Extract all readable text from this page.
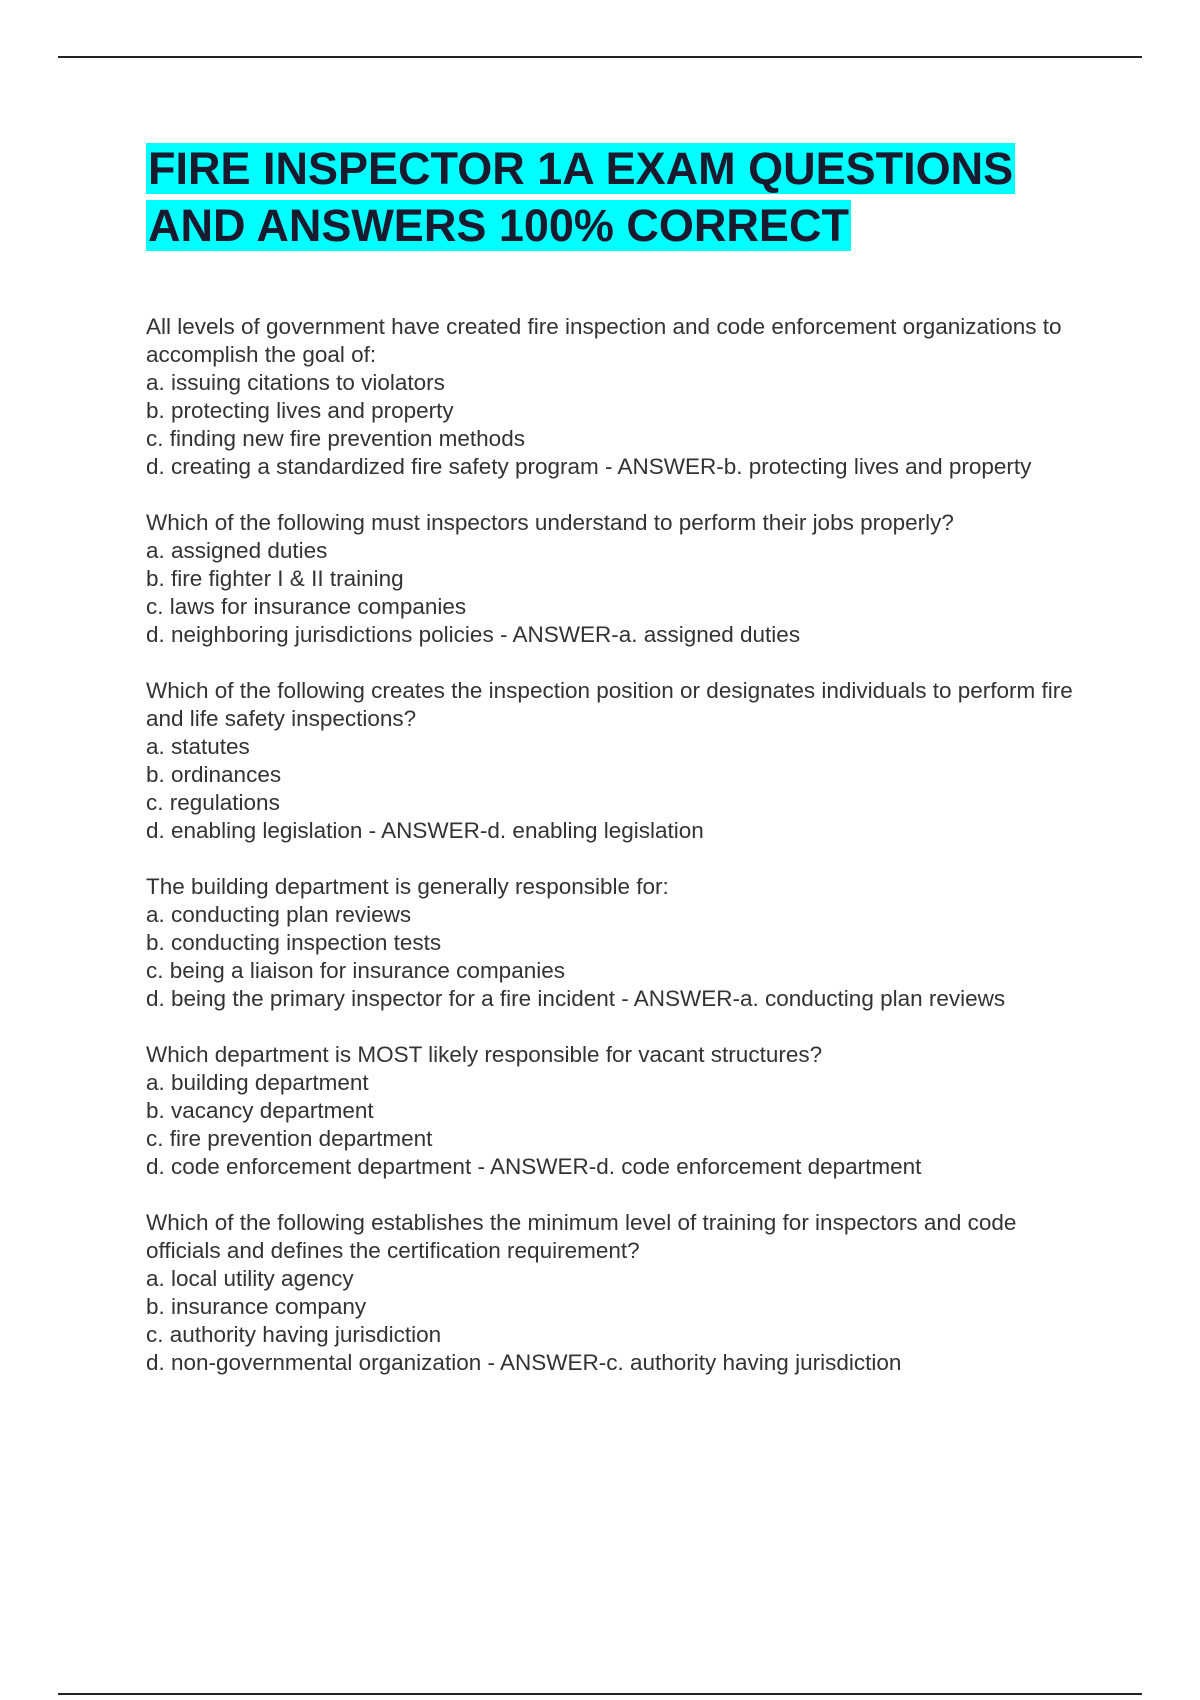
FIRE INSPECTOR 1A EXAM QUESTIONS
AND ANSWERS 100% CORRECT

All levels of government have created fire inspection and code enforcement organizations to accomplish the goal of:

a. issuing citations to violators

b. protecting lives and property

c. finding new fire prevention methods

d. creating a standardized fire safety program - ANSWER-b. protecting lives and property

Which of the following must inspectors understand to perform their jobs properly?

a. assigned duties

b. fire fighter I & II training

c. laws for insurance companies

d. neighboring jurisdictions policies - ANSWER-a. assigned duties

Which of the following creates the inspection position or designates individuals to perform fire and life safety inspections?

a. statutes

b. ordinances

c. regulations

d. enabling legislation - ANSWER-d. enabling legislation

The building department is generally responsible for:

a. conducting plan reviews

b. conducting inspection tests

c. being a liaison for insurance companies

d. being the primary inspector for a fire incident - ANSWER-a. conducting plan reviews

Which department is MOST likely responsible for vacant structures?

a. building department

b. vacancy department

c. fire prevention department

d. code enforcement department - ANSWER-d. code enforcement department

Which of the following establishes the minimum level of training for inspectors and code officials and defines the certification requirement?

a. local utility agency

b. insurance company

c. authority having jurisdiction

d. non-governmental organization - ANSWER-c. authority having jurisdiction
